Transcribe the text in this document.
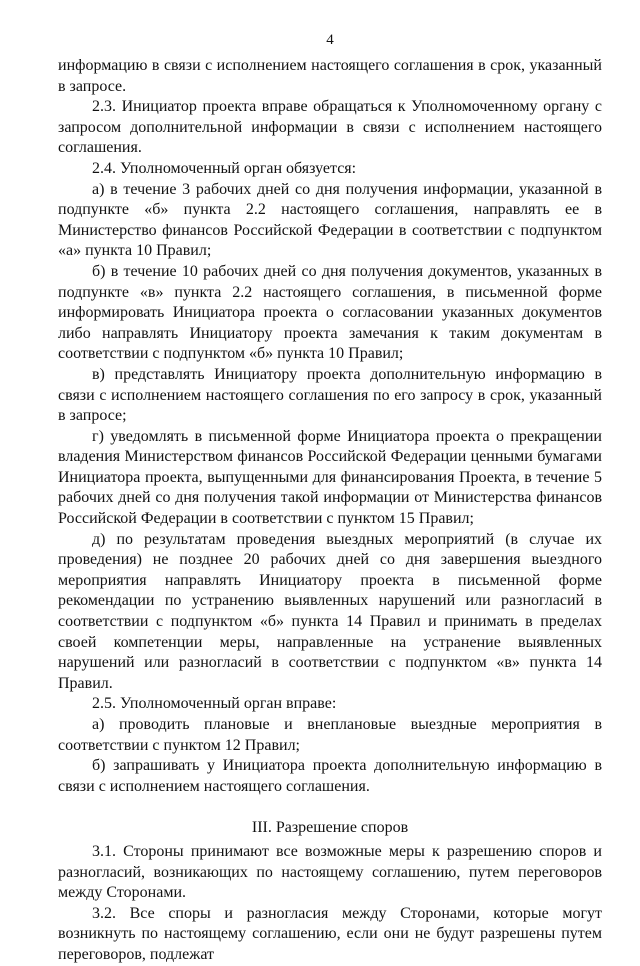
4

информацию в связи с исполнением настоящего соглашения в срок, указанный в запросе.

2.3. Инициатор проекта вправе обращаться к Уполномоченному органу с запросом дополнительной информации в связи с исполнением настоящего соглашения.

2.4. Уполномоченный орган обязуется:

а) в течение 3 рабочих дней со дня получения информации, указанной в подпункте «б» пункта 2.2 настоящего соглашения, направлять ее в Министерство финансов Российской Федерации в соответствии с подпунктом «а» пункта 10 Правил;

б) в течение 10 рабочих дней со дня получения документов, указанных в подпункте «в» пункта 2.2 настоящего соглашения, в письменной форме информировать Инициатора проекта о согласовании указанных документов либо направлять Инициатору проекта замечания к таким документам в соответствии с подпунктом «б» пункта 10 Правил;

в) представлять Инициатору проекта дополнительную информацию в связи с исполнением настоящего соглашения по его запросу в срок, указанный в запросе;

г) уведомлять в письменной форме Инициатора проекта о прекращении владения Министерством финансов Российской Федерации ценными бумагами Инициатора проекта, выпущенными для финансирования Проекта, в течение 5 рабочих дней со дня получения такой информации от Министерства финансов Российской Федерации в соответствии с пунктом 15 Правил;

д) по результатам проведения выездных мероприятий (в случае их проведения) не позднее 20 рабочих дней со дня завершения выездного мероприятия направлять Инициатору проекта в письменной форме рекомендации по устранению выявленных нарушений или разногласий в соответствии с подпунктом «б» пункта 14 Правил и принимать в пределах своей компетенции меры, направленные на устранение выявленных нарушений или разногласий в соответствии с подпунктом «в» пункта 14 Правил.

2.5. Уполномоченный орган вправе:

а) проводить плановые и внеплановые выездные мероприятия в соответствии с пунктом 12 Правил;

б) запрашивать у Инициатора проекта дополнительную информацию в связи с исполнением настоящего соглашения.

III. Разрешение споров

3.1. Стороны принимают все возможные меры к разрешению споров и разногласий, возникающих по настоящему соглашению, путем переговоров между Сторонами.

3.2. Все споры и разногласия между Сторонами, которые могут возникнуть по настоящему соглашению, если они не будут разрешены путем переговоров, подлежат
